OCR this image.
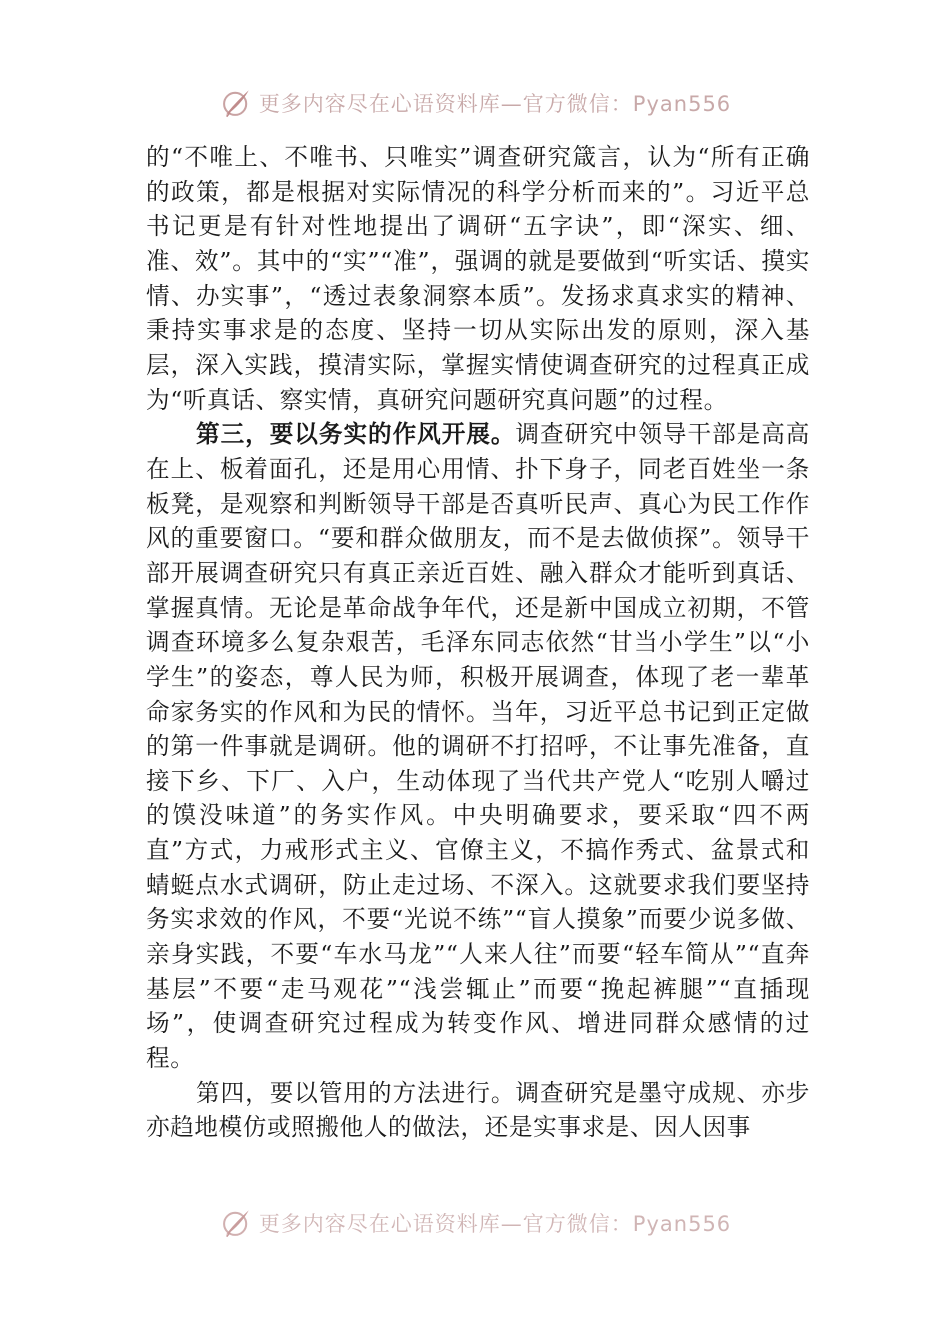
更多内容尽在心语资料库—官方微信：Pyan556

的“不唯上、不唯书、只唯实”调查研究箴言，认为“所有正确的政策，都是根据对实际情况的科学分析而来的”。习近平总书记更是有针对性地提出了调研“五字诀”，即“深实、细、准、效”。其中的“实”“准”，强调的就是要做到“听实话、摸实情、办实事”，“透过表象洞察本质”。发扬求真求实的精神、秉持实事求是的态度、坚持一切从实际出发的原则，深入基层，深入实践，摸清实际，掌握实情使调查研究的过程真正成为“听真话、察实情，真研究问题研究真问题”的过程。

第三，要以务实的作风开展。调查研究中领导干部是高高在上、板着面孔，还是用心用情、扑下身子，同老百姓坐一条板凳，是观察和判断领导干部是否真听民声、真心为民工作作风的重要窗口。“要和群众做朋友，而不是去做侦探”。领导干部开展调查研究只有真正亲近百姓、融入群众才能听到真话、掌握真情。无论是革命战争年代，还是新中国成立初期，不管调查环境多么复杂艰苦，毛泽东同志依然“甘当小学生”以“小学生”的姿态，尊人民为师，积极开展调查，体现了老一辈革命家务实的作风和为民的情怀。当年，习近平总书记到正定做的第一件事就是调研。他的调研不打招呼，不让事先准备，直接下乡、下厂、入户，生动体现了当代共产党人“吃别人嚼过的馍没味道”的务实作风。中央明确要求，要采取“四不两直”方式，力戒形式主义、官僚主义，不搞作秀式、盆景式和蜻蜓点水式调研，防止走过场、不深入。这就要求我们要坚持务实求效的作风，不要“光说不练”“盲人摸象”而要少说多做、亲身实践，不要“车水马龙”“人来人往”而要“轻车简从”“直奔基层”不要“走马观花”“浅尝辄止”而要“挽起裤腿”“直插现场”，使调查研究过程成为转变作风、增进同群众感情的过程。

第四，要以管用的方法进行。调查研究是墨守成规、亦步亦趋地模仿或照搬他人的做法，还是实事求是、因人因事

更多内容尽在心语资料库—官方微信：Pyan556
